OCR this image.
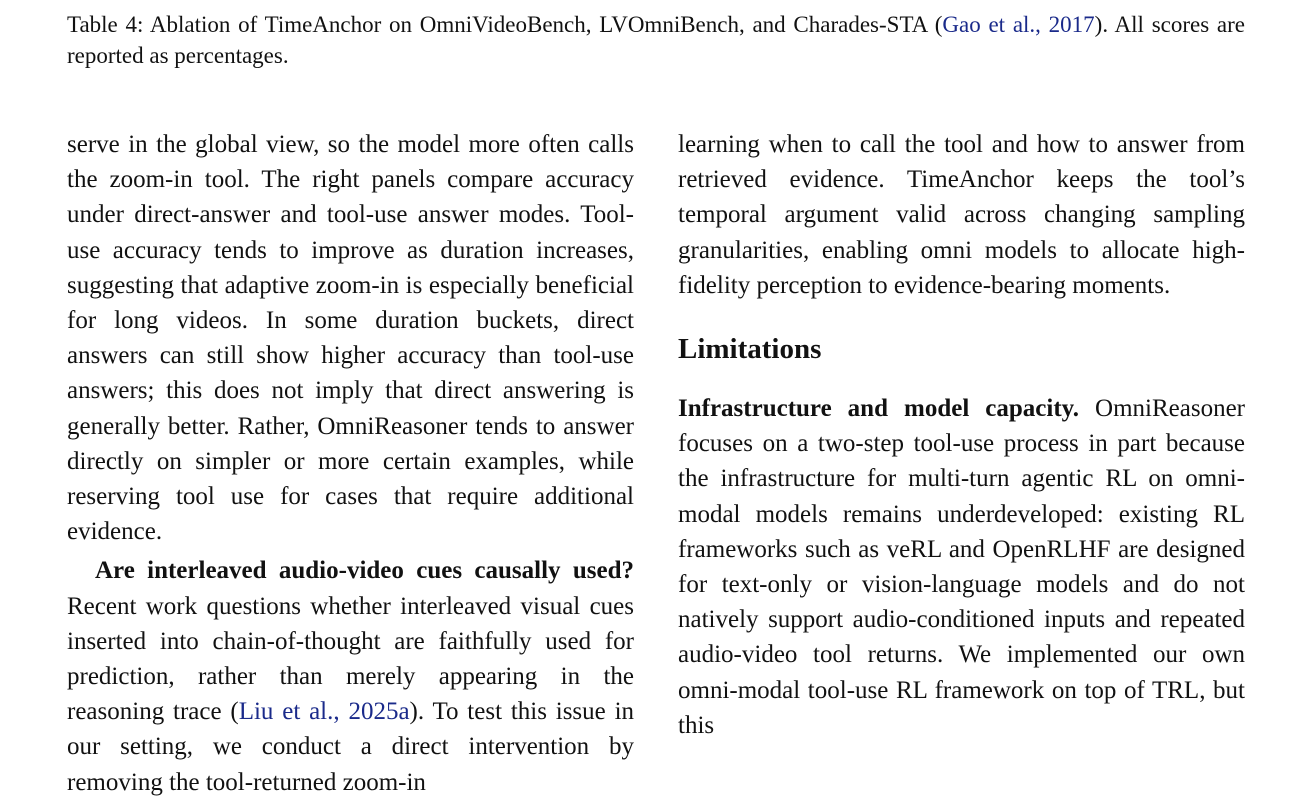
Table 4: Ablation of TimeAnchor on OmniVideoBench, LVOmniBench, and Charades-STA (Gao et al., 2017). All scores are reported as percentages.

serve in the global view, so the model more often calls the zoom-in tool. The right panels compare accuracy under direct-answer and tool-use answer modes. Tool-use accuracy tends to improve as duration increases, suggesting that adaptive zoom-in is especially beneficial for long videos. In some duration buckets, direct answers can still show higher accuracy than tool-use answers; this does not imply that direct answering is generally better. Rather, OmniReasoner tends to answer directly on simpler or more certain examples, while reserving tool use for cases that require additional evidence.

Are interleaved audio-video cues causally used? Recent work questions whether interleaved visual cues inserted into chain-of-thought are faithfully used for prediction, rather than merely appearing in the reasoning trace (Liu et al., 2025a). To test this issue in our setting, we conduct a direct intervention by removing the tool-returned zoom-in

learning when to call the tool and how to answer from retrieved evidence. TimeAnchor keeps the tool’s temporal argument valid across changing sampling granularities, enabling omni models to allocate high-fidelity perception to evidence-bearing moments.

Limitations

Infrastructure and model capacity. OmniReasoner focuses on a two-step tool-use process in part because the infrastructure for multi-turn agentic RL on omni-modal models remains underdeveloped: existing RL frameworks such as veRL and OpenRLHF are designed for text-only or vision-language models and do not natively support audio-conditioned inputs and repeated audio-video tool returns. We implemented our own omni-modal tool-use RL framework on top of TRL, but this
